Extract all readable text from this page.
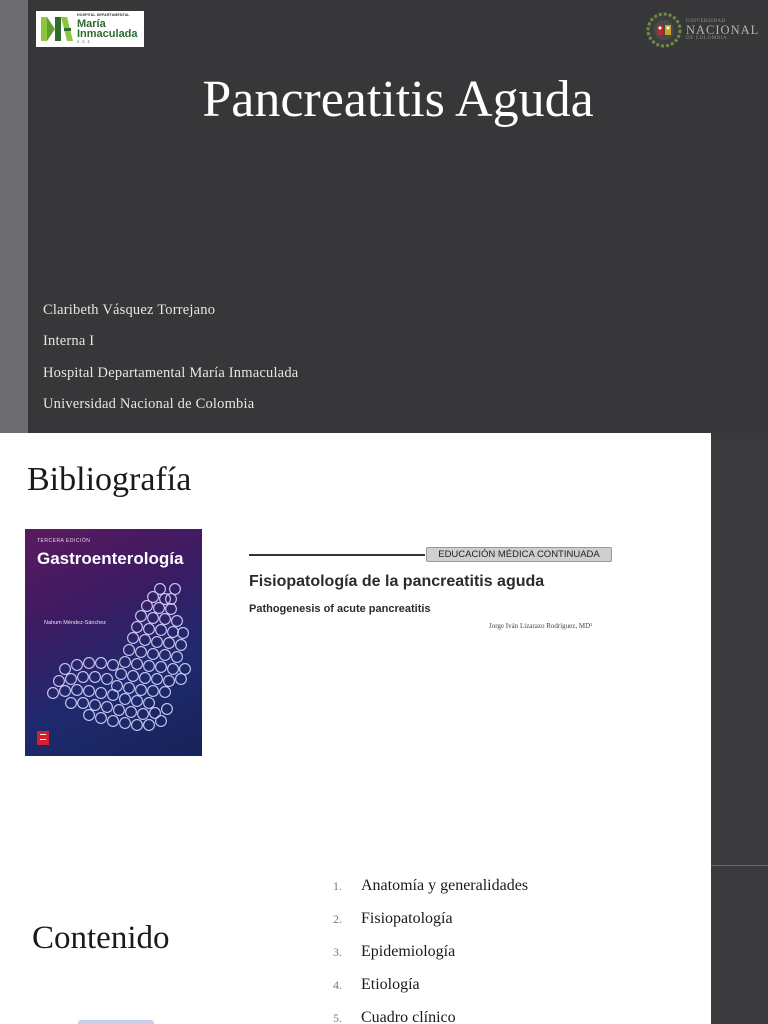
HOSPITAL DEPARTAMENTAL
María
Inmaculada
E.S.E.
UNIVERSIDAD
NACIONAL
DE COLOMBIA
Pancreatitis Aguda
Claribeth Vásquez Torrejano
Interna I
Hospital Departamental María Inmaculada
Universidad Nacional de Colombia
Bibliografía
TERCERA EDICIÓN
Gastroenterología
Nahum Méndez-Sánchez
EDUCACIÓN MÉDICA CONTINUADA
Fisiopatología de la pancreatitis aguda
Pathogenesis of acute pancreatitis
Jorge Iván Lizarazo Rodríguez, MD¹
Contenido
1. Anatomía y generalidades
2. Fisiopatología
3. Epidemiología
4. Etiología
5. Cuadro clínico
